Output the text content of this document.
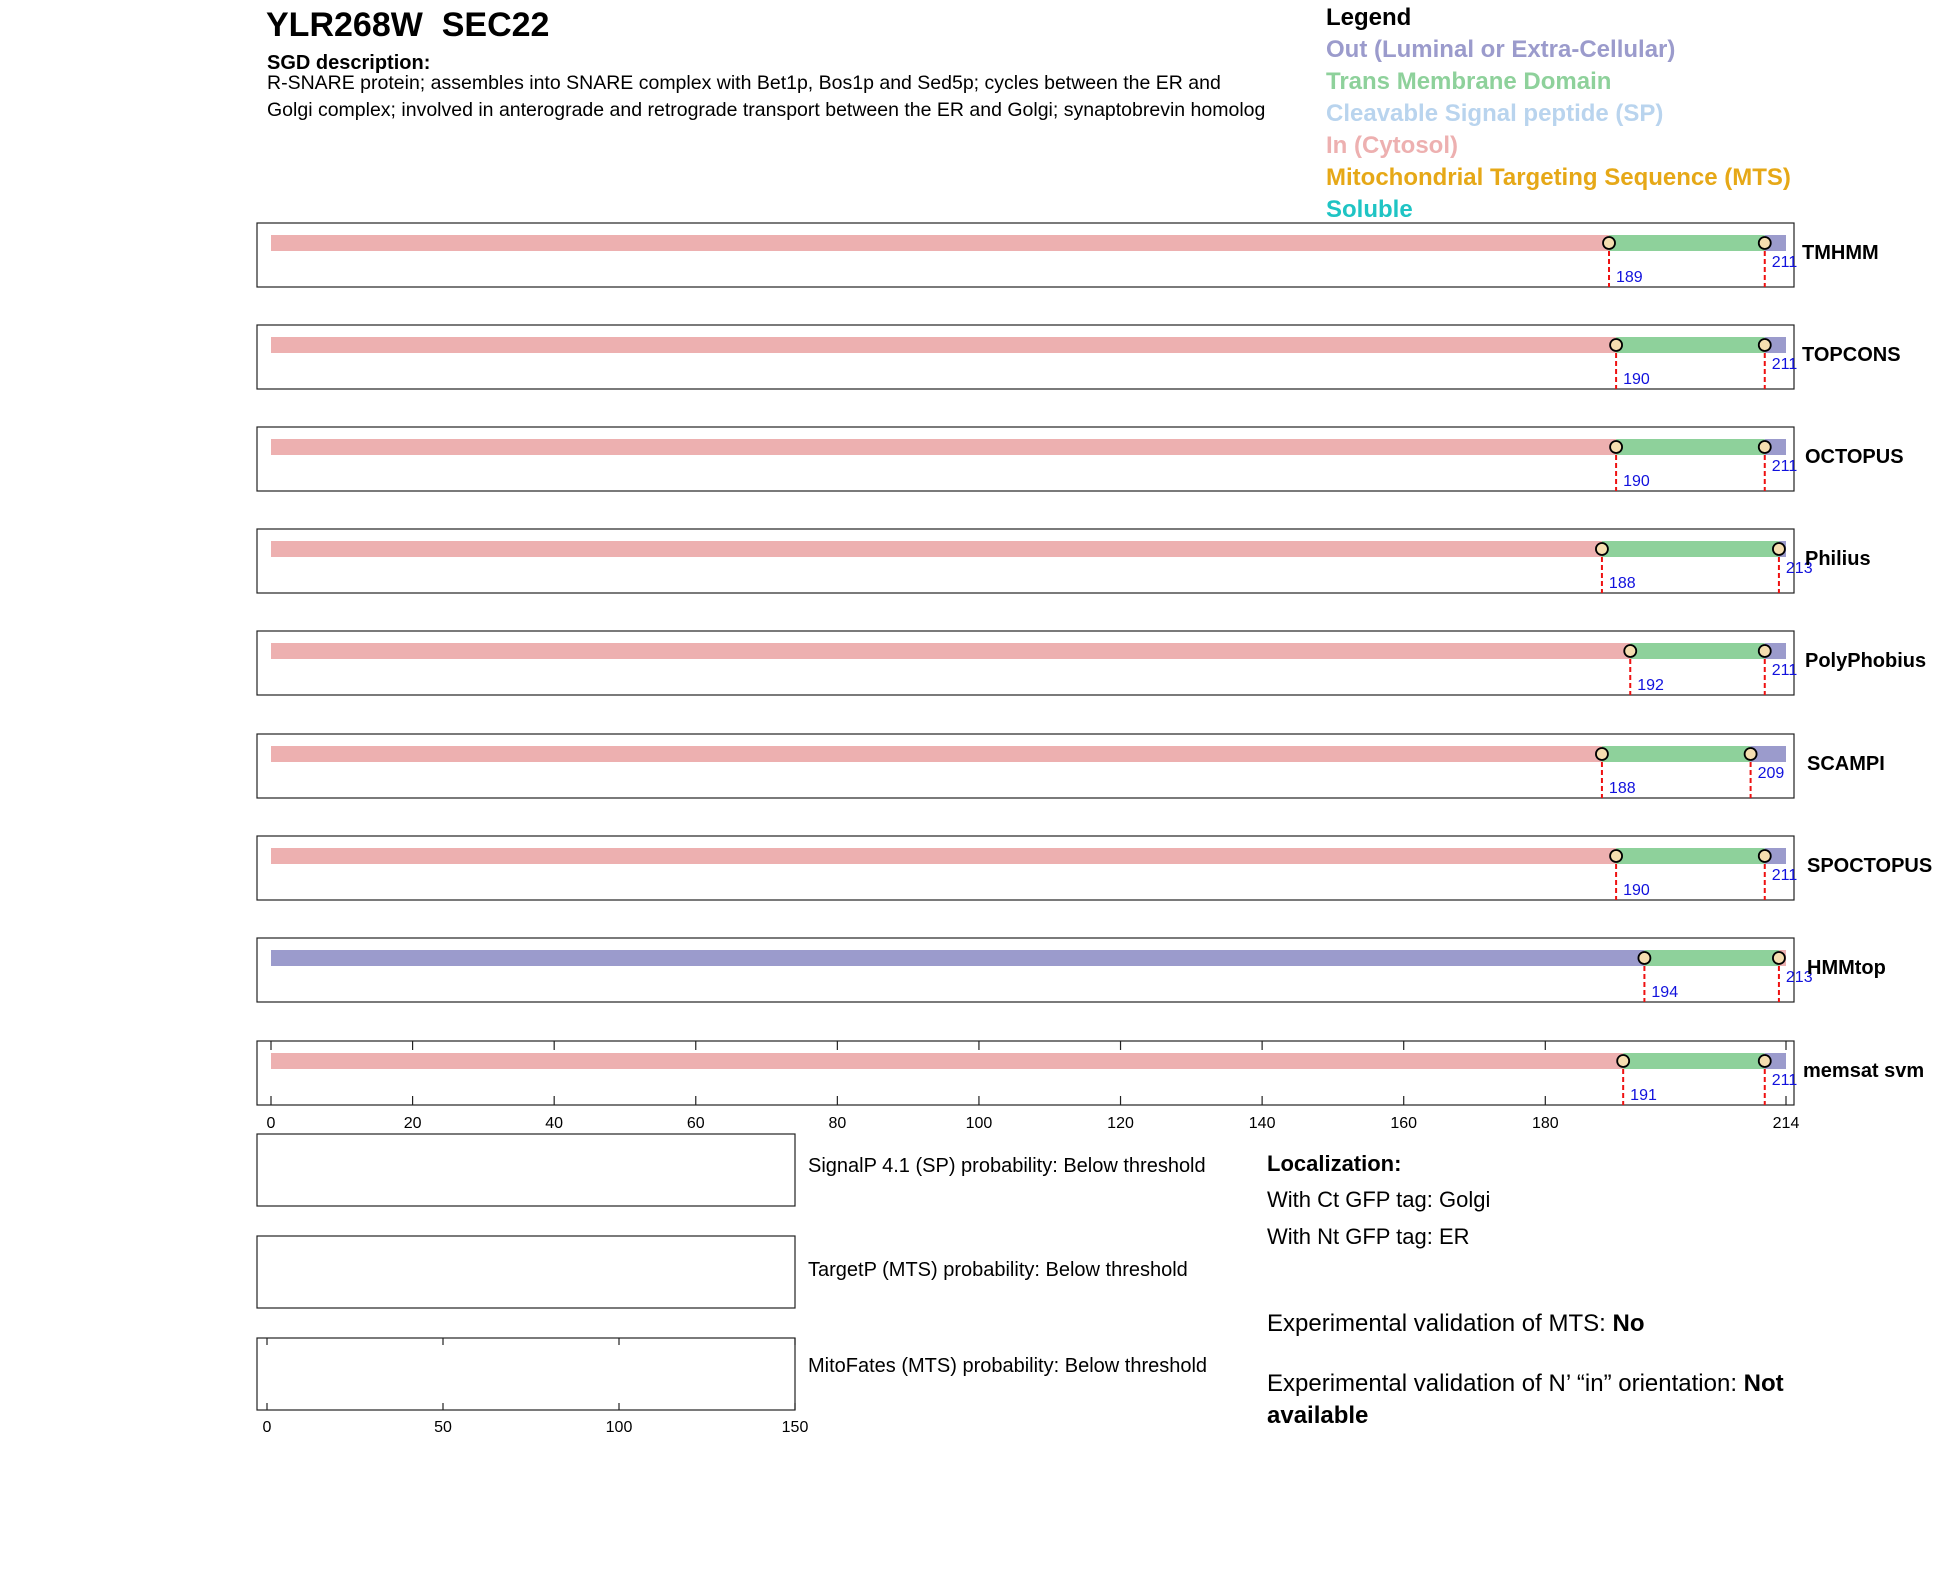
YLR268W SEC22
SGD description:
R-SNARE protein; assembles into SNARE complex with Bet1p, Bos1p and Sed5p; cycles between the ER and Golgi complex; involved in anterograde and retrograde transport between the ER and Golgi; synaptobrevin homolog
Legend
Out (Luminal or Extra-Cellular)
Trans Membrane Domain
Cleavable Signal peptide (SP)
In (Cytosol)
Mitochondrial Targeting Sequence (MTS)
Soluble
189
211 TMHMM
190
211 TOPCONS
190
211 OCTOPUS
188
213
Philius
192
211 PolyPhobius
188
209 SCAMPI
190
211 SPOCTOPUS
194
213
HMMtop
191
211 memsat svm
0	20	40	60	80	100	120	140	160	180	214
0	50	100	150
SignalP 4.1 (SP) probability: Below threshold
TargetP (MTS) probability: Below threshold
MitoFates (MTS) probability: Below threshold
Localization:
With Ct GFP tag: Golgi
With Nt GFP tag: ER
Experimental validation of MTS: No
Experimental validation of N’ “in” orientation: Not available
